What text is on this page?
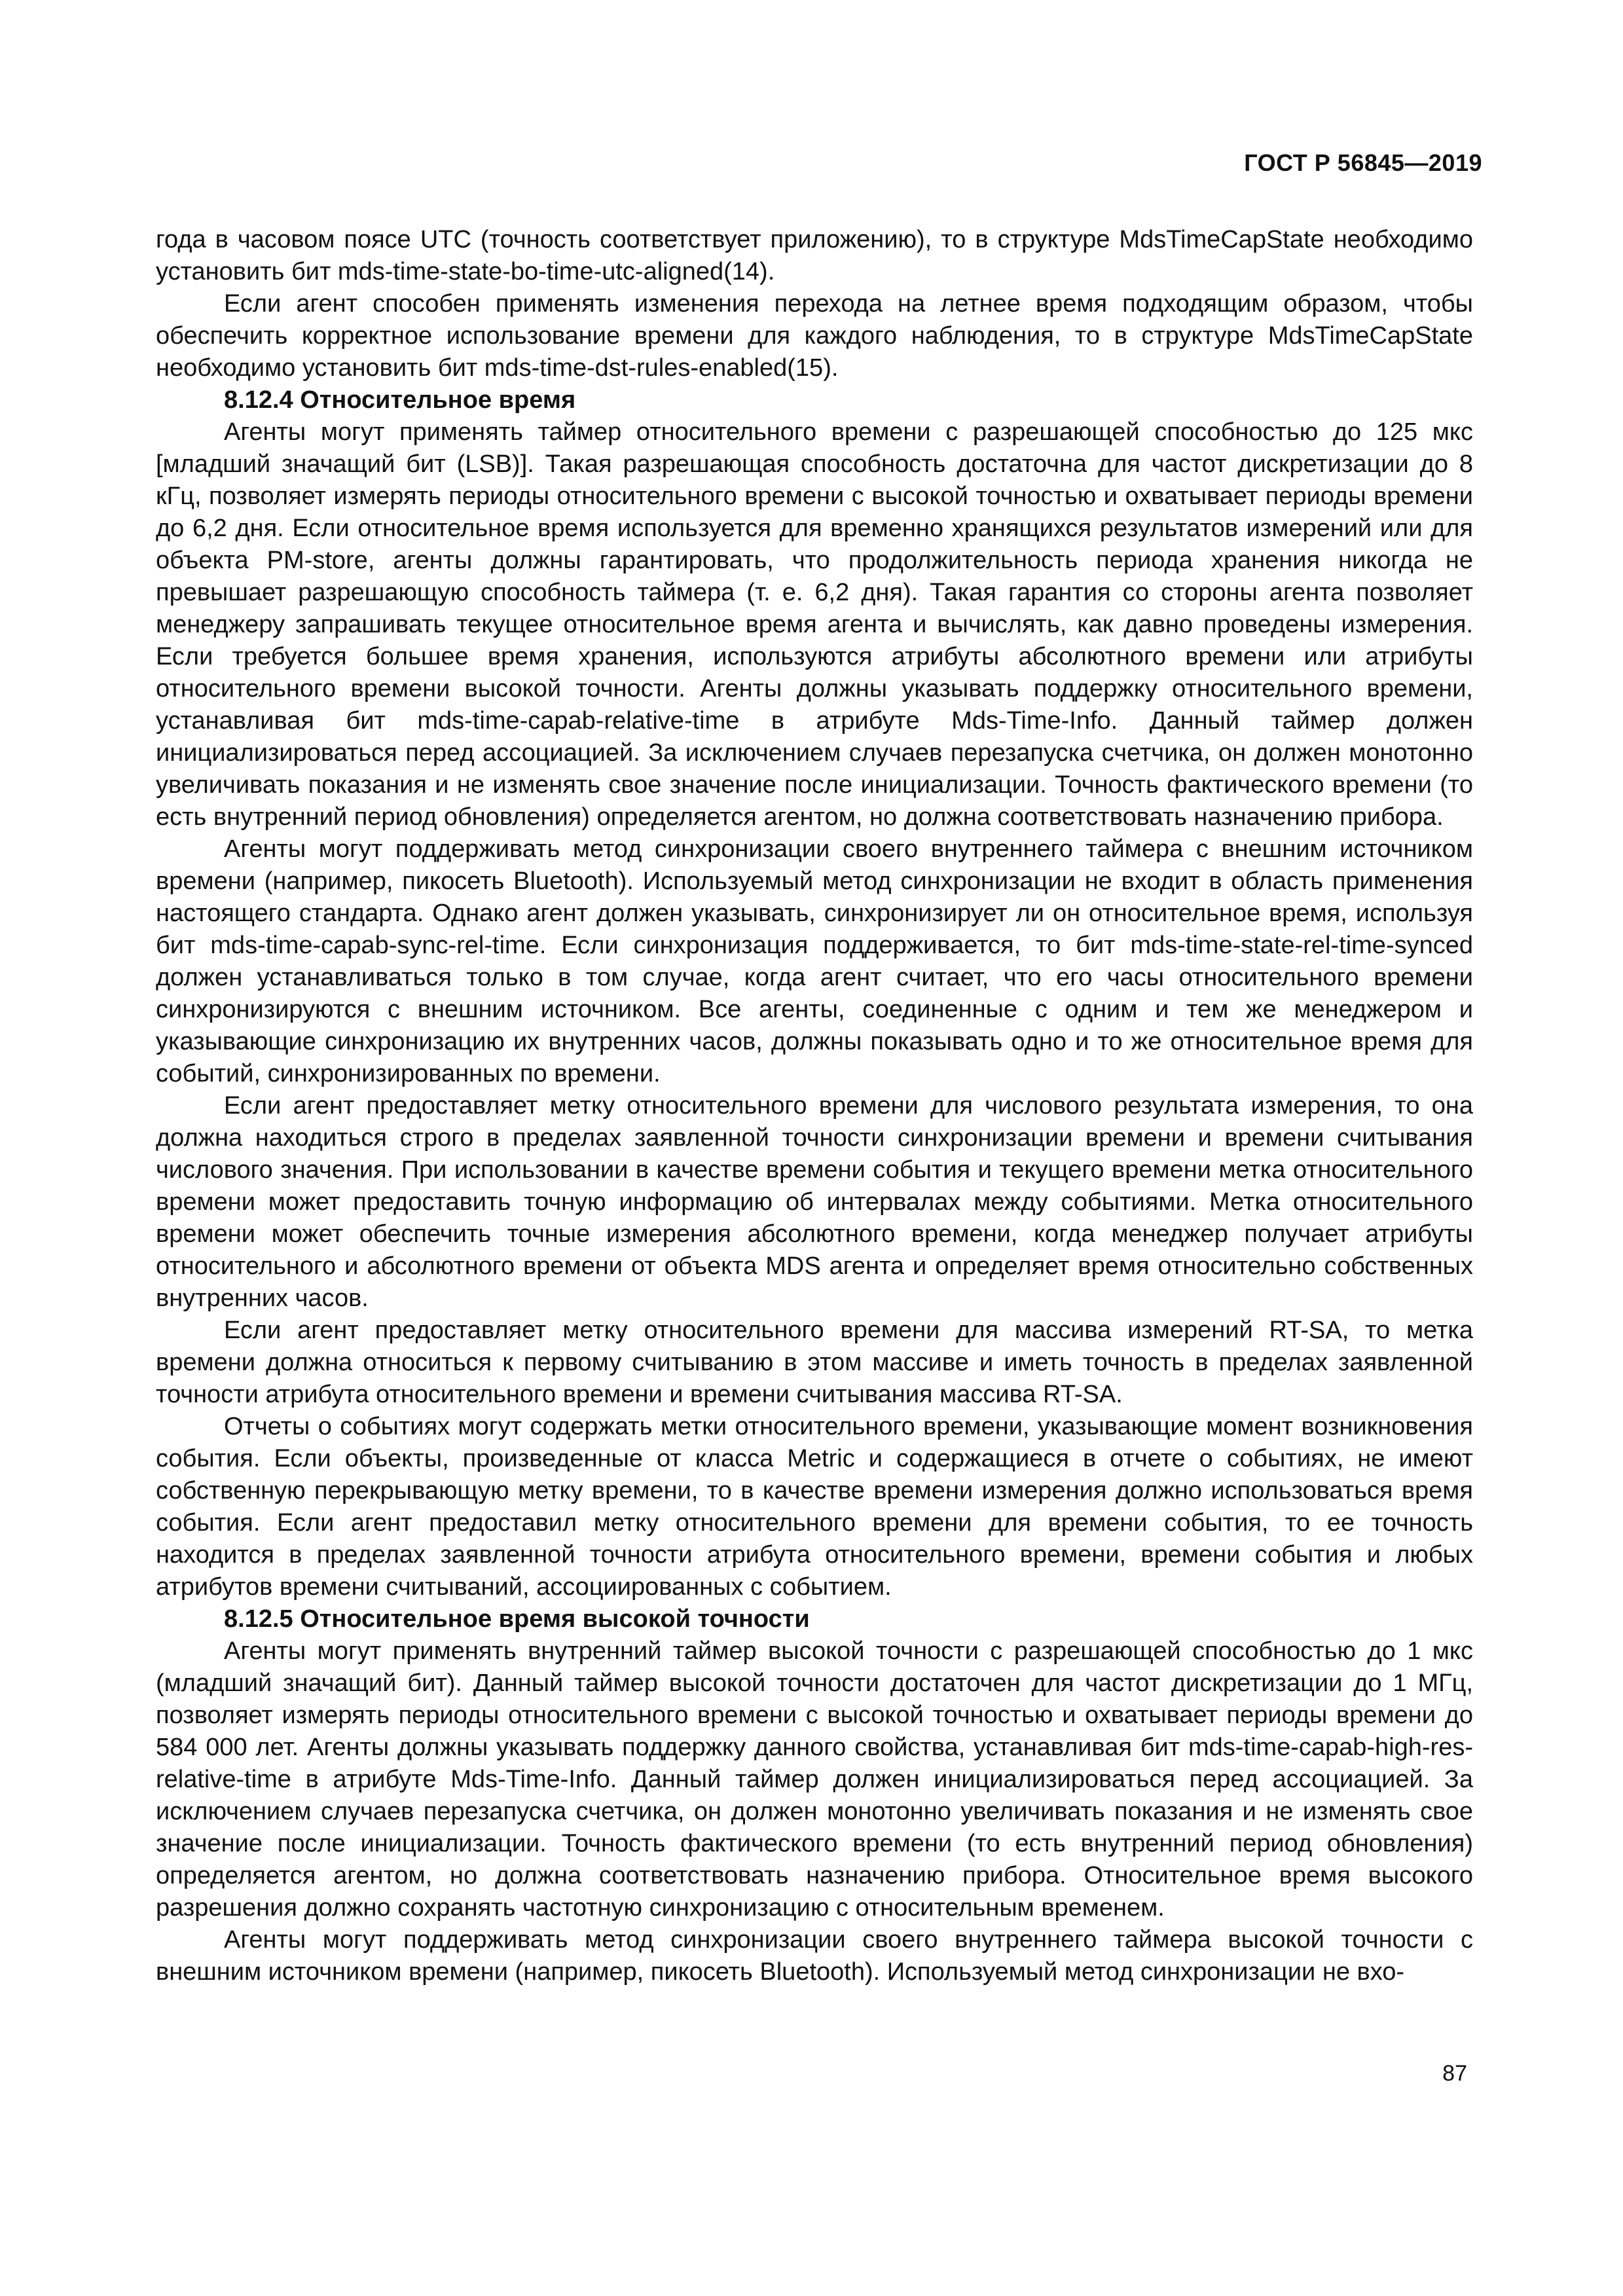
ГОСТ Р 56845—2019

года в часовом поясе UTC (точность соответствует приложению), то в структуре MdsTimeCapState необходимо установить бит mds-time-state-bo-time-utc-aligned(14).

Если агент способен применять изменения перехода на летнее время подходящим образом, чтобы обеспечить корректное использование времени для каждого наблюдения, то в структуре MdsTimeCapState необходимо установить бит mds-time-dst-rules-enabled(15).

8.12.4 Относительное время

Агенты могут применять таймер относительного времени с разрешающей способностью до 125 мкс [младший значащий бит (LSB)]. Такая разрешающая способность достаточна для частот дискретизации до 8 кГц, позволяет измерять периоды относительного времени с высокой точностью и охватывает периоды времени до 6,2 дня. Если относительное время используется для временно хранящихся результатов измерений или для объекта PM-store, агенты должны гарантировать, что продолжительность периода хранения никогда не превышает разрешающую способность таймера (т. е. 6,2 дня). Такая гарантия со стороны агента позволяет менеджеру запрашивать текущее относительное время агента и вычислять, как давно проведены измерения. Если требуется большее время хранения, используются атрибуты абсолютного времени или атрибуты относительного времени высокой точности. Агенты должны указывать поддержку относительного времени, устанавливая бит mds-time-capab-relative-time в атрибуте Mds-Time-Info. Данный таймер должен инициализироваться перед ассоциацией. За исключением случаев перезапуска счетчика, он должен монотонно увеличивать показания и не изменять свое значение после инициализации. Точность фактического времени (то есть внутренний период обновления) определяется агентом, но должна соответствовать назначению прибора.

Агенты могут поддерживать метод синхронизации своего внутреннего таймера с внешним источником времени (например, пикосеть Bluetooth). Используемый метод синхронизации не входит в область применения настоящего стандарта. Однако агент должен указывать, синхронизирует ли он относительное время, используя бит mds-time-capab-sync-rel-time. Если синхронизация поддерживается, то бит mds-time-state-rel-time-synced должен устанавливаться только в том случае, когда агент считает, что его часы относительного времени синхронизируются с внешним источником. Все агенты, соединенные с одним и тем же менеджером и указывающие синхронизацию их внутренних часов, должны показывать одно и то же относительное время для событий, синхронизированных по времени.

Если агент предоставляет метку относительного времени для числового результата измерения, то она должна находиться строго в пределах заявленной точности синхронизации времени и времени считывания числового значения. При использовании в качестве времени события и текущего времени метка относительного времени может предоставить точную информацию об интервалах между событиями. Метка относительного времени может обеспечить точные измерения абсолютного времени, когда менеджер получает атрибуты относительного и абсолютного времени от объекта MDS агента и определяет время относительно собственных внутренних часов.

Если агент предоставляет метку относительного времени для массива измерений RT-SA, то метка времени должна относиться к первому считыванию в этом массиве и иметь точность в пределах заявленной точности атрибута относительного времени и времени считывания массива RT-SA.

Отчеты о событиях могут содержать метки относительного времени, указывающие момент возникновения события. Если объекты, произведенные от класса Metric и содержащиеся в отчете о событиях, не имеют собственную перекрывающую метку времени, то в качестве времени измерения должно использоваться время события. Если агент предоставил метку относительного времени для времени события, то ее точность находится в пределах заявленной точности атрибута относительного времени, времени события и любых атрибутов времени считываний, ассоциированных с событием.

8.12.5 Относительное время высокой точности

Агенты могут применять внутренний таймер высокой точности с разрешающей способностью до 1 мкс (младший значащий бит). Данный таймер высокой точности достаточен для частот дискретизации до 1 МГц, позволяет измерять периоды относительного времени с высокой точностью и охватывает периоды времени до 584 000 лет. Агенты должны указывать поддержку данного свойства, устанавливая бит mds-time-capab-high-res-relative-time в атрибуте Mds-Time-Info. Данный таймер должен инициализироваться перед ассоциацией. За исключением случаев перезапуска счетчика, он должен монотонно увеличивать показания и не изменять свое значение после инициализации. Точность фактического времени (то есть внутренний период обновления) определяется агентом, но должна соответствовать назначению прибора. Относительное время высокого разрешения должно сохранять частотную синхронизацию с относительным временем.

Агенты могут поддерживать метод синхронизации своего внутреннего таймера высокой точности с внешним источником времени (например, пикосеть Bluetooth). Используемый метод синхронизации не вхо-

87
